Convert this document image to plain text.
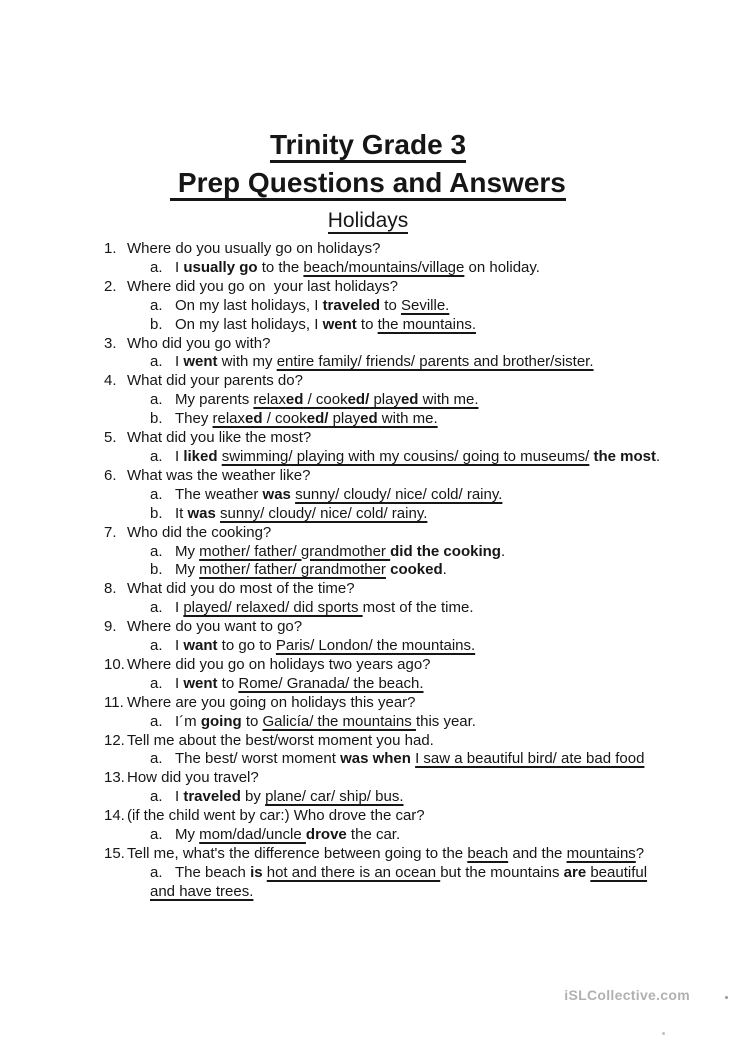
Trinity Grade 3
Prep Questions and Answers
Holidays
1. Where do you usually go on holidays?
a. I usually go to the beach/mountains/village on holiday.
2. Where did you go on  your last holidays?
a. On my last holidays, I traveled to Seville.
b. On my last holidays, I went to the mountains.
3. Who did you go with?
a. I went with my entire family/ friends/ parents and brother/sister.
4. What did your parents do?
a. My parents relaxed / cooked/ played with me.
b. They relaxed / cooked/ played with me.
5. What did you like the most?
a. I liked swimming/ playing with my cousins/ going to museums/ the most.
6. What was the weather like?
a. The weather was sunny/ cloudy/ nice/ cold/ rainy.
b. It was sunny/ cloudy/ nice/ cold/ rainy.
7. Who did the cooking?
a. My mother/ father/ grandmother did the cooking.
b. My mother/ father/ grandmother cooked.
8. What did you do most of the time?
a. I played/ relaxed/ did sports most of the time.
9. Where do you want to go?
a. I want to go to Paris/ London/ the mountains.
10. Where did you go on holidays two years ago?
a. I went to Rome/ Granada/ the beach.
11. Where are you going on holidays this year?
a. I´m going to Galicía/ the mountains this year.
12. Tell me about the best/worst moment you had.
a. The best/ worst moment was when I saw a beautiful bird/ ate bad food
13. How did you travel?
a. I traveled by plane/ car/ ship/ bus.
14. (if the child went by car:) Who drove the car?
a. My mom/dad/uncle drove the car.
15. Tell me, what's the difference between going to the beach and the mountains?
a. The beach is hot and there is an ocean but the mountains are beautiful
and have trees.
iSLCollective.com
